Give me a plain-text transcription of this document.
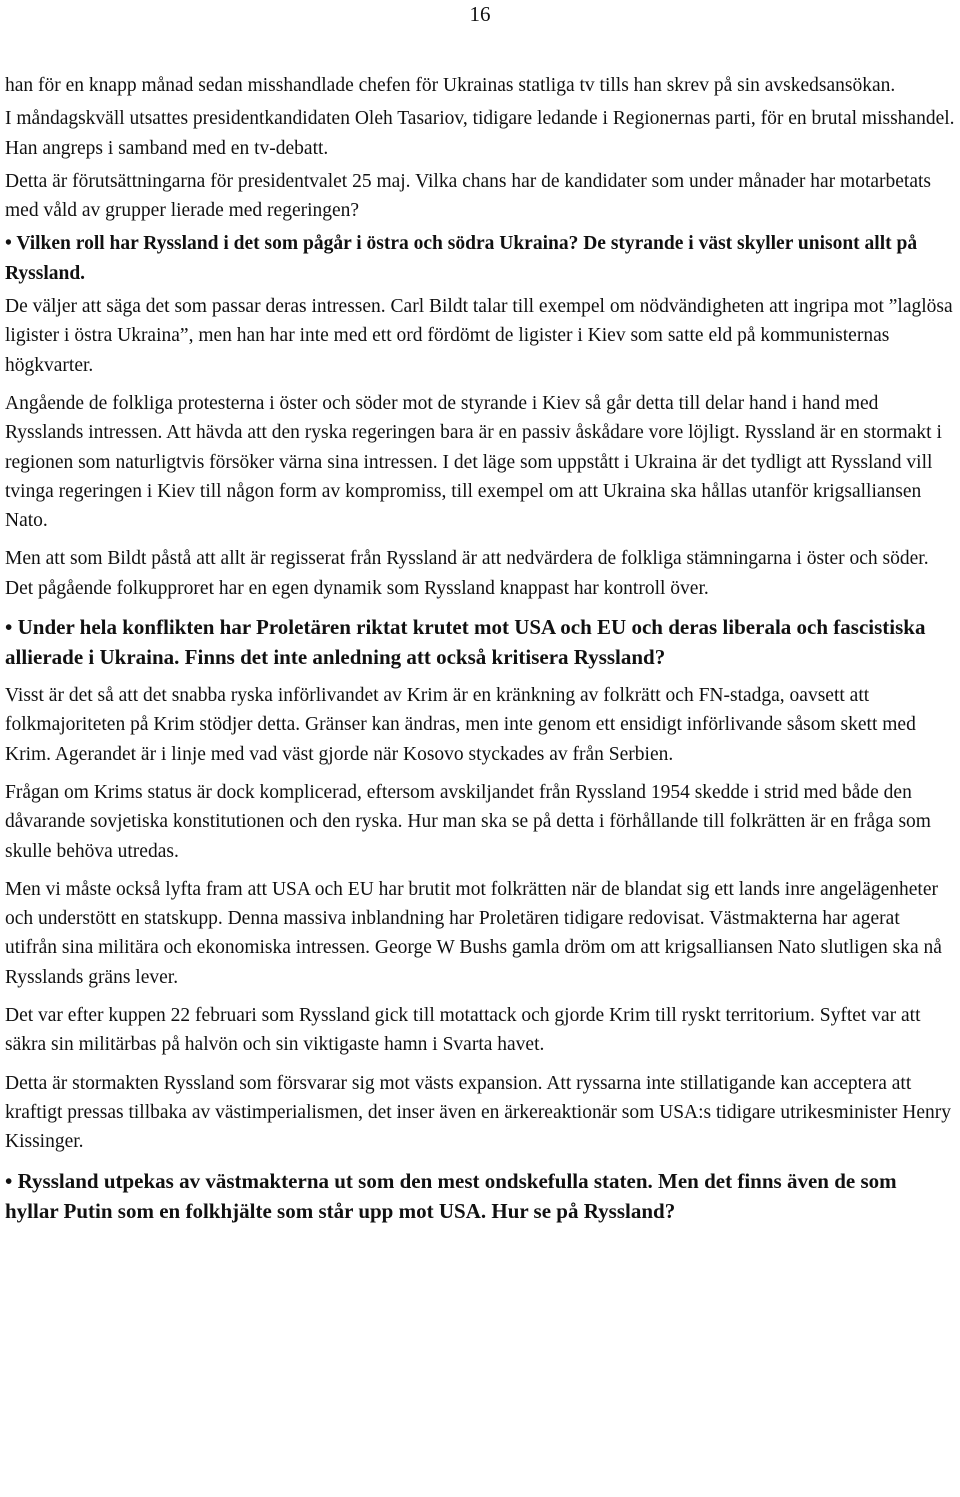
16

han för en knapp månad sedan misshandlade chefen för Ukrainas statliga tv tills han skrev på sin avskedsansökan.

I måndagskväll utsattes presidentkandidaten Oleh Tasariov, tidigare ledande i Regionernas parti, för en brutal misshandel. Han angreps i samband med en tv-debatt.

Detta är förutsättningarna för presidentvalet 25 maj. Vilka chans har de kandidater som under månader har motarbetats med våld av grupper lierade med regeringen?

• Vilken roll har Ryssland i det som pågår i östra och södra Ukraina? De styrande i väst skyller unisont allt på Ryssland.

De väljer att säga det som passar deras intressen. Carl Bildt talar till exempel om nödvändigheten att ingripa mot ”laglösa ligister i östra Ukraina”, men han har inte med ett ord fördömt de ligister i Kiev som satte eld på kommunisternas högkvarter.

Angående de folkliga protesterna i öster och söder mot de styrande i Kiev så går detta till delar hand i hand med Rysslands intressen. Att hävda att den ryska regeringen bara är en passiv åskådare vore löjligt. Ryssland är en stormakt i regionen som naturligtvis försöker värna sina intressen. I det läge som uppstått i Ukraina är det tydligt att Ryssland vill tvinga regeringen i Kiev till någon form av kompromiss, till exempel om att Ukraina ska hållas utanför krigsalliansen Nato.

Men att som Bildt påstå att allt är regisserat från Ryssland är att nedvärdera de folkliga stämningarna i öster och söder. Det pågående folkupproret har en egen dynamik som Ryssland knappast har kontroll över.

• Under hela konflikten har Proletären riktat krutet mot USA och EU och deras liberala och fascistiska allierade i Ukraina. Finns det inte anledning att också kritisera Ryssland?

Visst är det så att det snabba ryska införlivandet av Krim är en kränkning av folkrätt och FN-stadga, oavsett att folkmajoriteten på Krim stödjer detta. Gränser kan ändras, men inte genom ett ensidigt införlivande såsom skett med Krim. Agerandet är i linje med vad väst gjorde när Kosovo styckades av från Serbien.

Frågan om Krims status är dock komplicerad, eftersom avskiljandet från Ryssland 1954 skedde i strid med både den dåvarande sovjetiska konstitutionen och den ryska. Hur man ska se på detta i förhållande till folkrätten är en fråga som skulle behöva utredas.

Men vi måste också lyfta fram att USA och EU har brutit mot folkrätten när de blandat sig ett lands inre angelägenheter och understött en statskupp. Denna massiva inblandning har Proletären tidigare redovisat. Västmakterna har agerat utifrån sina militära och ekonomiska intressen. George W Bushs gamla dröm om att krigsalliansen Nato slutligen ska nå Rysslands gräns lever.

Det var efter kuppen 22 februari som Ryssland gick till motattack och gjorde Krim till ryskt territorium. Syftet var att säkra sin militärbas på halvön och sin viktigaste hamn i Svarta havet.

Detta är stormakten Ryssland som försvarar sig mot västs expansion. Att ryssarna inte stillatigande kan acceptera att kraftigt pressas tillbaka av västimperialismen, det inser även en ärkereaktionär som USA:s tidigare utrikesminister Henry Kissinger.

• Ryssland utpekas av västmakterna ut som den mest ondskefulla staten. Men det finns även de som hyllar Putin som en folkhjälte som står upp mot USA. Hur se på Ryssland?
